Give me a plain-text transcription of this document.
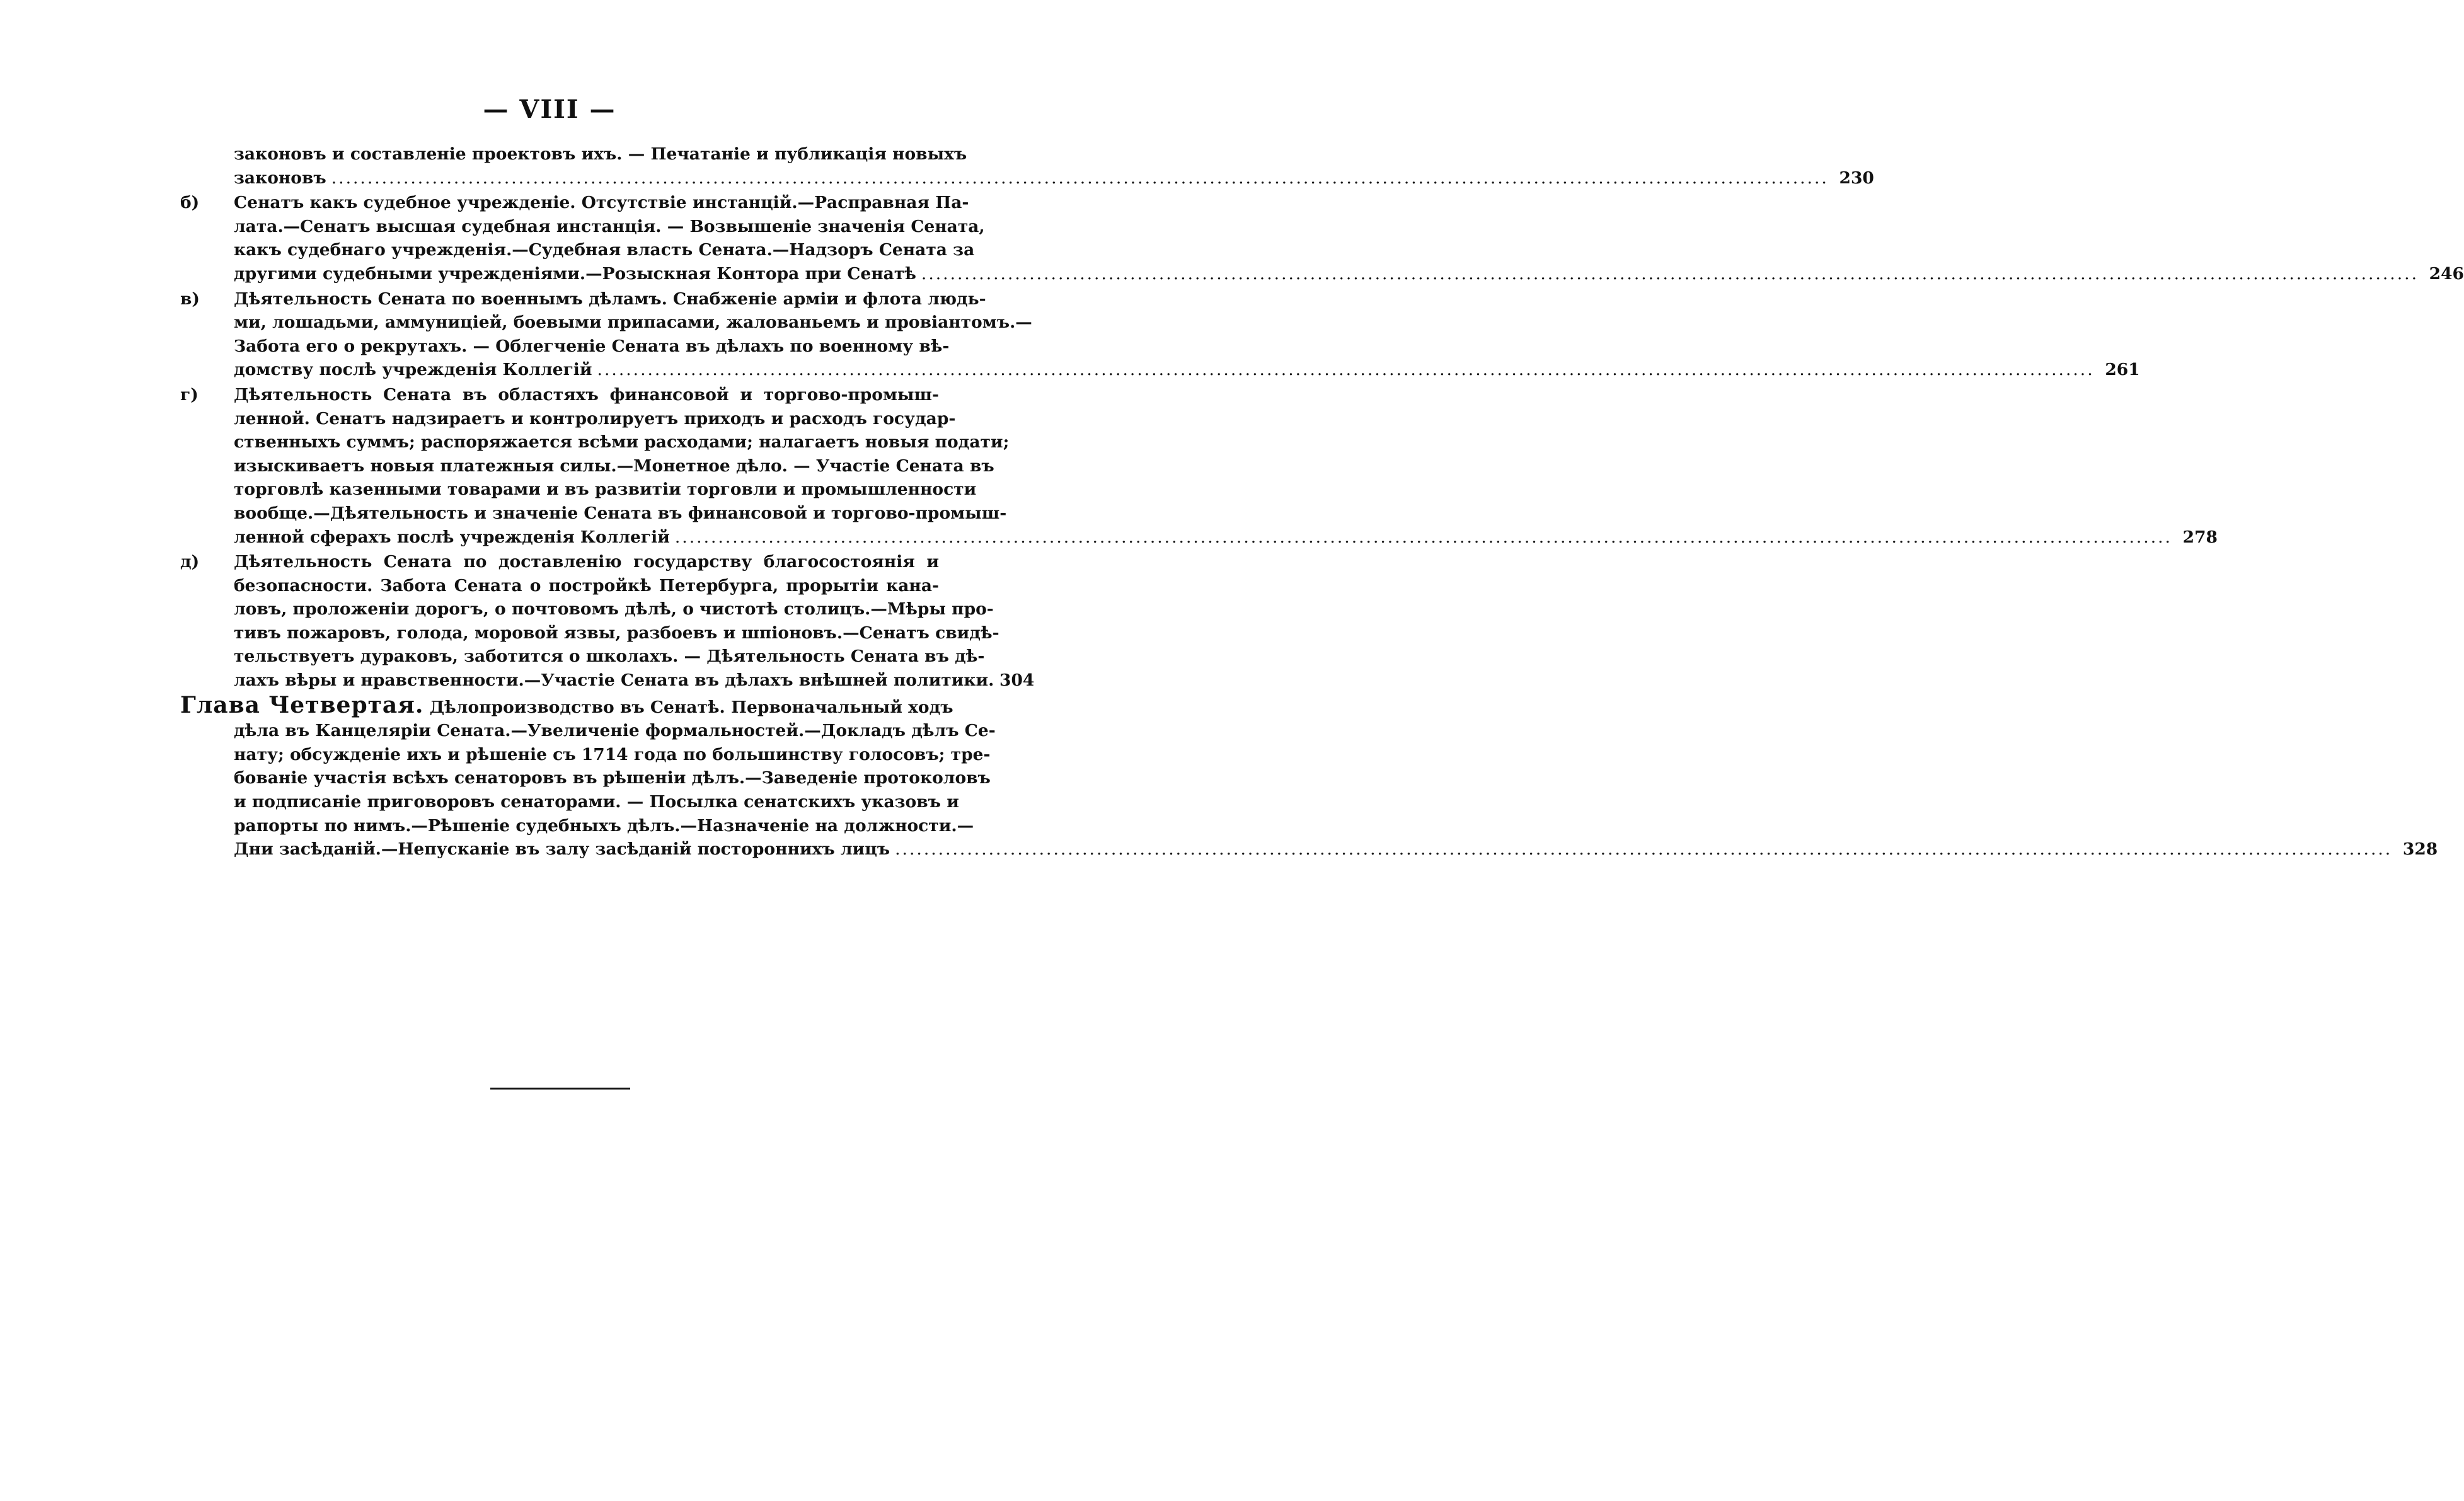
— VIII —
законовъ и составленіе проектовъ ихъ. — Печатаніе и публикація новыхъ
законовъ .....	230
б) Сенатъ какъ судебное учрежденіе. Отсутствіе инстанцій.—Расправная Па-
лата.—Сенатъ высшая судебная инстанція. — Возвышеніе значенія Сената,
какъ судебнаго учрежденія.—Судебная власть Сената.—Надзоръ Сената за
другими судебными учрежденіями.—Розыскная Контора при Сенатѣ .....	246
в) Дѣятельность Сената по военнымъ дѣламъ. Снабженіе арміи и флота людь-
ми, лошадьми, аммуницiей, боевыми припасами, жалованьемъ и провіантомъ.—
Забота его о рекрутахъ. — Облегченіе Сената въ дѣлахъ по военному вѣ-
домству послѣ учрежденія Коллегій .....	261
г) Дѣятельность Сената въ областяхъ финансовой и торгово-промыш-
ленной. Сенатъ надзираетъ и контролируетъ приходъ и расходъ государ-
ственныхъ суммъ; распоряжается всѣми расходами; налагаетъ новыя подати;
изыскиваетъ новыя платежныя силы.—Монетное дѣло. — Участіе Сената въ
торговлѣ казенными товарами и въ развитіи торговли и промышленности
вообще.—Дѣятельность и значеніе Сената въ финансовой и торгово-промыш-
ленной сферахъ послѣ учрежденія Коллегій .....	278
д) Дѣятельность Сената по доставленію государству благосостоянія и
безопасности. Забота Сената о постройкѣ Петербурга, прорытіи кана-
ловъ, проложеніи дорогъ, о почтовомъ дѣлѣ, о чистотѣ столицъ.—Мѣры про-
тивъ пожаровъ, голода, моровой язвы, разбоевъ и шпіоновъ.—Сенатъ свидѣ-
тельствуетъ дураковъ, заботится о школахъ. — Дѣятельность Сената въ дѣ-
лахъ вѣры и нравственности.—Участіе Сената въ дѣлахъ внѣшней политики. 304
Глава Четвертая. Дѣлопроизводство въ Сенатѣ. Первоначальный ходъ
дѣла въ Канцеляріи Сената.—Увеличеніе формальностей.—Докладъ дѣлъ Се-
нату; обсужденіе ихъ и рѣшеніе съ 1714 года по большинству голосовъ; тре-
бованіе участія всѣхъ сенаторовъ въ рѣшеніи дѣлъ.—Заведеніе протоколовъ
и подписаніе приговоровъ сенаторами. — Посылка сенатскихъ указовъ и
рапорты по нимъ.—Рѣшеніе судебныхъ дѣлъ.—Назначеніе на должности.—
Дни засѣданій.—Непусканіе въ залу засѣданій постороннихъ лицъ .....	328
